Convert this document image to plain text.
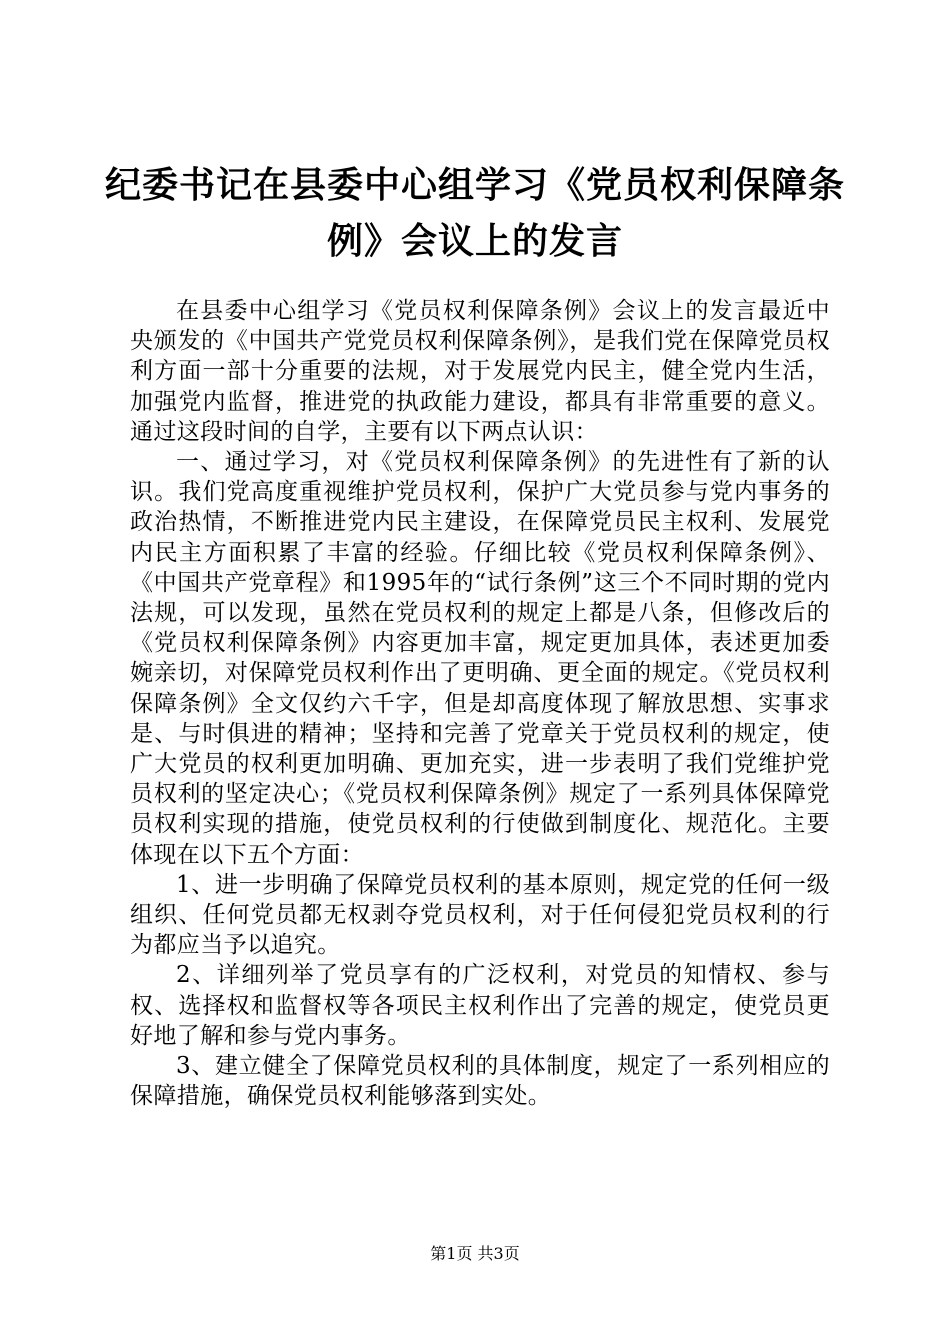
纪委书记在县委中心组学习《党员权利保障条例》会议上的发言

在县委中心组学习《党员权利保障条例》会议上的发言最近中央颁发的《中国共产党党员权利保障条例》，是我们党在保障党员权利方面一部十分重要的法规，对于发展党内民主，健全党内生活，加强党内监督，推进党的执政能力建设，都具有非常重要的意义。通过这段时间的自学，主要有以下两点认识：

一、通过学习，对《党员权利保障条例》的先进性有了新的认识。我们党高度重视维护党员权利，保护广大党员参与党内事务的政治热情，不断推进党内民主建设，在保障党员民主权利、发展党内民主方面积累了丰富的经验。仔细比较《党员权利保障条例》、《中国共产党章程》和1995年的“试行条例”这三个不同时期的党内法规，可以发现，虽然在党员权利的规定上都是八条，但修改后的《党员权利保障条例》内容更加丰富，规定更加具体，表述更加委婉亲切，对保障党员权利作出了更明确、更全面的规定。《党员权利保障条例》全文仅约六千字，但是却高度体现了解放思想、实事求是、与时俱进的精神；坚持和完善了党章关于党员权利的规定，使广大党员的权利更加明确、更加充实，进一步表明了我们党维护党员权利的坚定决心；《党员权利保障条例》规定了一系列具体保障党员权利实现的措施，使党员权利的行使做到制度化、规范化。主要体现在以下五个方面：

1、进一步明确了保障党员权利的基本原则，规定党的任何一级组织、任何党员都无权剥夺党员权利，对于任何侵犯党员权利的行为都应当予以追究。

2、详细列举了党员享有的广泛权利，对党员的知情权、参与权、选择权和监督权等各项民主权利作出了完善的规定，使党员更好地了解和参与党内事务。

3、建立健全了保障党员权利的具体制度，规定了一系列相应的保障措施，确保党员权利能够落到实处。

第1页 共3页
